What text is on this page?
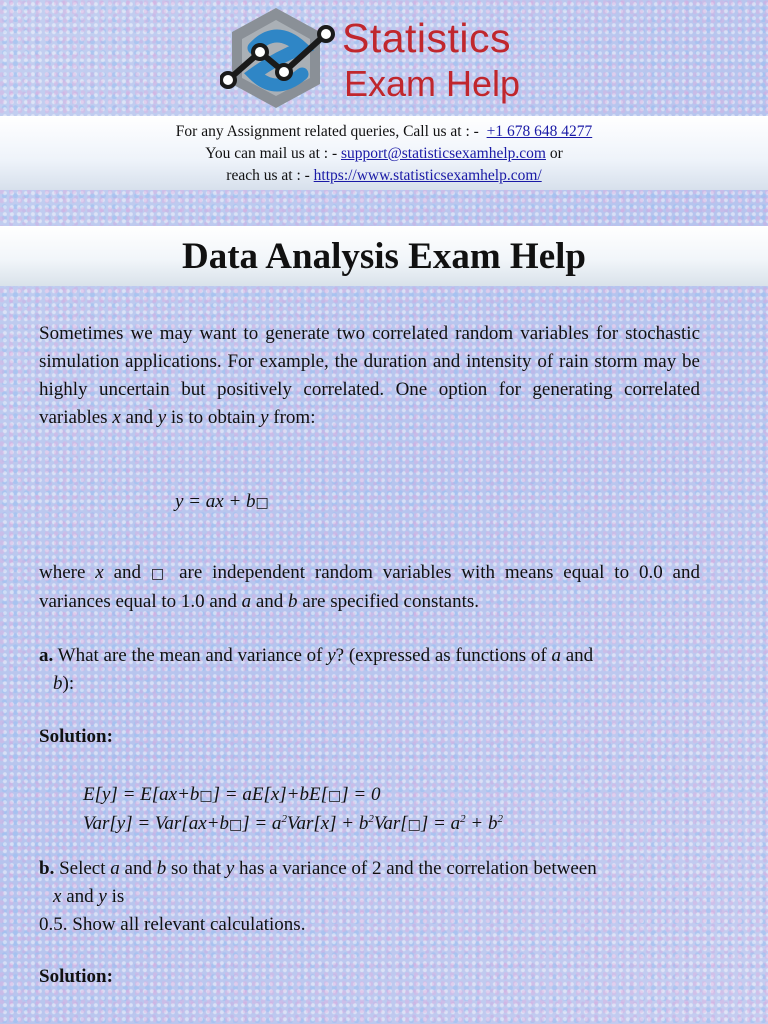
Statistics
Exam Help
For any Assignment related queries, Call us at : - +1 678 648 4277
You can mail us at : - support@statisticsexamhelp.com or
reach us at : - https://www.statisticsexamhelp.com/
Data Analysis Exam Help

Sometimes we may want to generate two correlated random variables for stochastic simulation applications. For example, the duration and intensity of rain storm may be highly uncertain but positively correlated. One option for generating correlated variables x and y is to obtain y from:

y = ax + b□

where x and □ are independent random variables with means equal to 0.0 and variances equal to 1.0 and a and b are specified constants.

a. What are the mean and variance of y? (expressed as functions of a and
b):

Solution:

E[y] = E[ax+b□] = aE[x]+bE[□] = 0
Var[y] = Var[ax+b□] = $a^2Var[x]$ + $b^2Var[□] = a^2 + b^2$

b. Select a and b so that y has a variance of 2 and the correlation between
x and y is
0.5. Show all relevant calculations.

Solution:
